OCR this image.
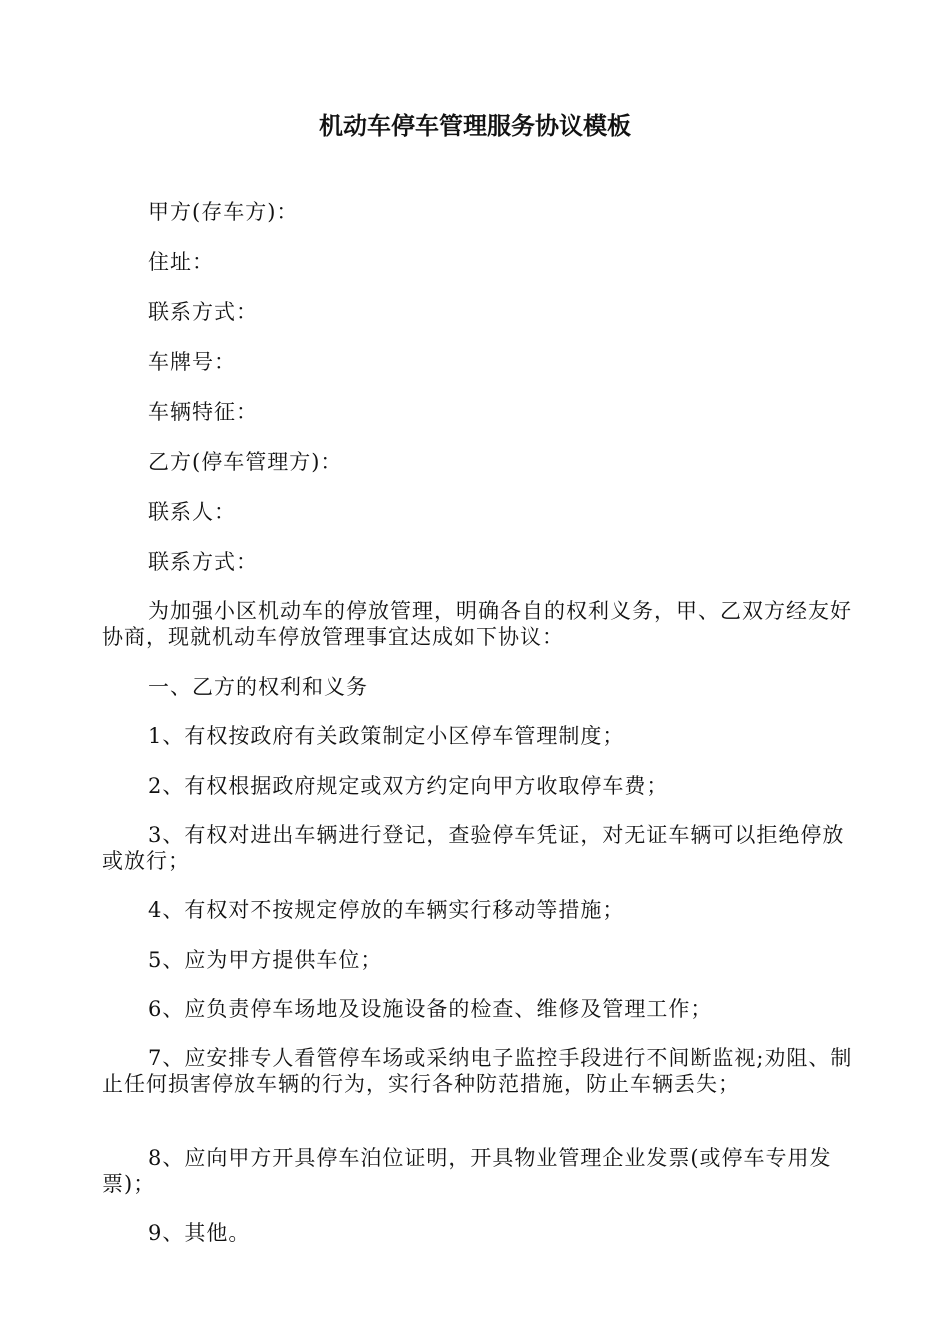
机动车停车管理服务协议模板
甲方(存车方)：
住址：
联系方式：
车牌号：
车辆特征：
乙方(停车管理方)：
联系人：
联系方式：
为加强小区机动车的停放管理，明确各自的权利义务，甲、乙双方经友好协商，现就机动车停放管理事宜达成如下协议：
一、乙方的权利和义务
1、有权按政府有关政策制定小区停车管理制度；
2、有权根据政府规定或双方约定向甲方收取停车费；
3、有权对进出车辆进行登记，查验停车凭证，对无证车辆可以拒绝停放或放行；
4、有权对不按规定停放的车辆实行移动等措施；
5、应为甲方提供车位；
6、应负责停车场地及设施设备的检查、维修及管理工作；
7、应安排专人看管停车场或采纳电子监控手段进行不间断监视;劝阻、制止任何损害停放车辆的行为，实行各种防范措施，防止车辆丢失；
8、应向甲方开具停车泊位证明，开具物业管理企业发票(或停车专用发票)；
9、其他。
